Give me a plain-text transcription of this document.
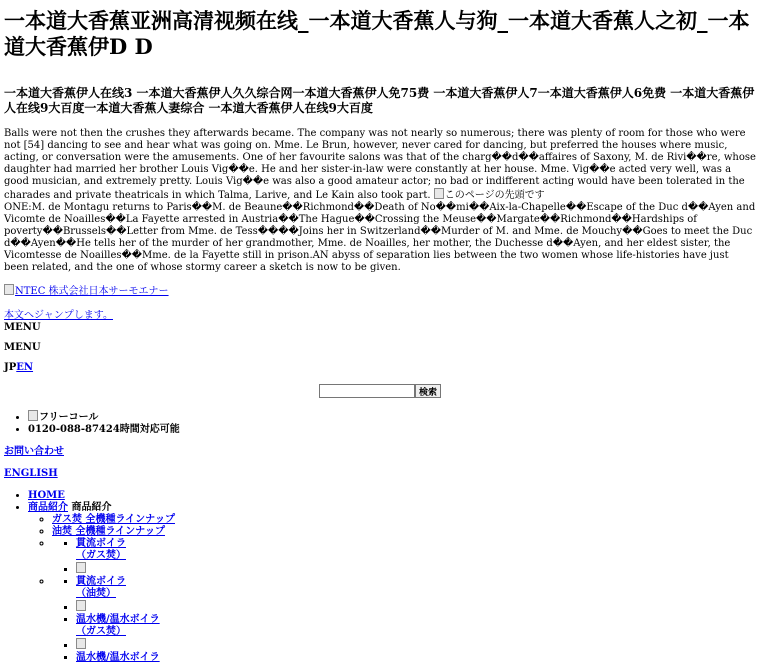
一本道大香蕉亚洲高清视频在线_一本道大香蕉人与狗_一本道大香蕉人之初_一本道大香蕉伊D D
一本道大香蕉伊人在线3 一本道大香蕉伊人久久综合网一本道大香蕉伊人免75费 一本道大香蕉伊人7一本道大香蕉伊人6免费 一本道大香蕉伊人在线9大百度一本道大香蕉人妻综合 一本道大香蕉伊人在线9大百度

Balls were not then the crushes they afterwards became. The company was not nearly so numerous; there was plenty of room for those who were not [54] dancing to see and hear what was going on. Mme. Le Brun, however, never cared for dancing, but preferred the houses where music, acting, or conversation were the amusements. One of her favourite salons was that of the charg��d��affaires of Saxony, M. de Rivi��re, whose daughter had married her brother Louis Vig��e. He and her sister-in-law were constantly at her house. Mme. Vig��e acted very well, was a good musician, and extremely pretty. Louis Vig��e was also a good amateur actor; no bad or indifferent acting would have been tolerated in the charades and private theatricals in which Talma, Larive, and Le Kain also took part. このページの先頭です

ONE:M. de Montagu returns to Paris��M. de Beaune��Richmond��Death of No��mi��Aix-la-Chapelle��Escape of the Duc d��Ayen and Vicomte de Noailles��La Fayette arrested in Austria��The Hague��Crossing the Meuse��Margate��Richmond��Hardships of poverty��Brussels��Letter from Mme. de Tess����Joins her in Switzerland��Murder of M. and Mme. de Mouchy��Goes to meet the Duc d��Ayen��He tells her of the murder of her grandmother, Mme. de Noailles, her mother, the Duchesse d��Ayen, and her eldest sister, the Vicomtesse de Noailles��Mme. de la Fayette still in prison.AN abyss of separation lies between the two women whose life-histories have just been related, and the one of whose stormy career a sketch is now to be given.

NTEC 株式会社日本サーモエナー
本文へジャンプします。
MENU
MENU
JPEN
検索
• フリーコール
• 0120-088-87424時間対応可能
お問い合わせ
ENGLISH
• HOME
• 商品紹介 商品紹介
◦ ガス焚 全機種ラインナップ
◦ 油焚 全機種ラインナップ
▪ ◦ 貫流ボイラ
（ガス焚）
▪
▪ ◦ 貫流ボイラ
（油焚）
▪
▪ 温水機/温水ボイラ
（ガス焚）
▪
▪ 温水機/温水ボイラ
